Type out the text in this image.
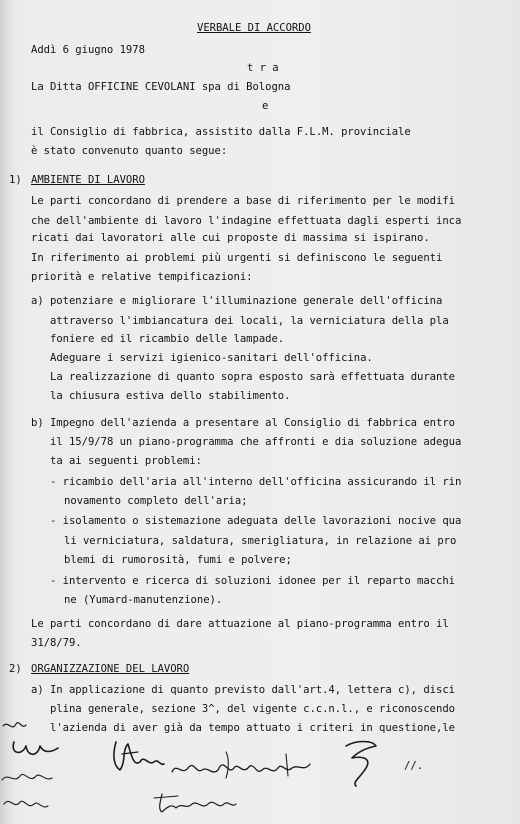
VERBALE DI ACCORDO
Addì 6 giugno 1978
t r a
La Ditta OFFICINE CEVOLANI spa di Bologna
e
il Consiglio di fabbrica, assistito dalla F.L.M. provinciale
è stato convenuto quanto segue:
1) AMBIENTE DI LAVORO
Le parti concordano di prendere a base di riferimento per le modifi
che dell'ambiente di lavoro l'indagine effettuata dagli esperti inca
ricati dai lavoratori alle cui proposte di massima si ispirano.
In riferimento ai problemi più urgenti si definiscono le seguenti
priorità e relative tempificazioni:
a) potenziare e migliorare l'illuminazione generale dell'officina
attraverso l'imbiancatura dei locali, la verniciatura della pla
foniere ed il ricambio delle lampade.
Adeguare i servizi igienico-sanitari dell'officina.
La realizzazione di quanto sopra esposto sarà effettuata durante
la chiusura estiva dello stabilimento.
b) Impegno dell'azienda a presentare al Consiglio di fabbrica entro
il 15/9/78 un piano-programma che affronti e dia soluzione adegua
ta ai seguenti problemi:
- ricambio dell'aria all'interno dell'officina assicurando il rin
novamento completo dell'aria;
- isolamento o sistemazione adeguata delle lavorazioni nocive qua
li verniciatura, saldatura, smerigliatura, in relazione ai pro
blemi di rumorosità, fumi e polvere;
- intervento e ricerca di soluzioni idonee per il reparto macchi
ne (Yumard-manutenzione).
Le parti concordano di dare attuazione al piano-programma entro il
31/8/79.
2) ORGANIZZAZIONE DEL LAVORO
a) In applicazione di quanto previsto dall'art.4, lettera c), disci
plina generale, sezione 3^, del vigente c.c.n.l., e riconoscendo
l'azienda di aver già da tempo attuato i criteri in questione,le
//.
